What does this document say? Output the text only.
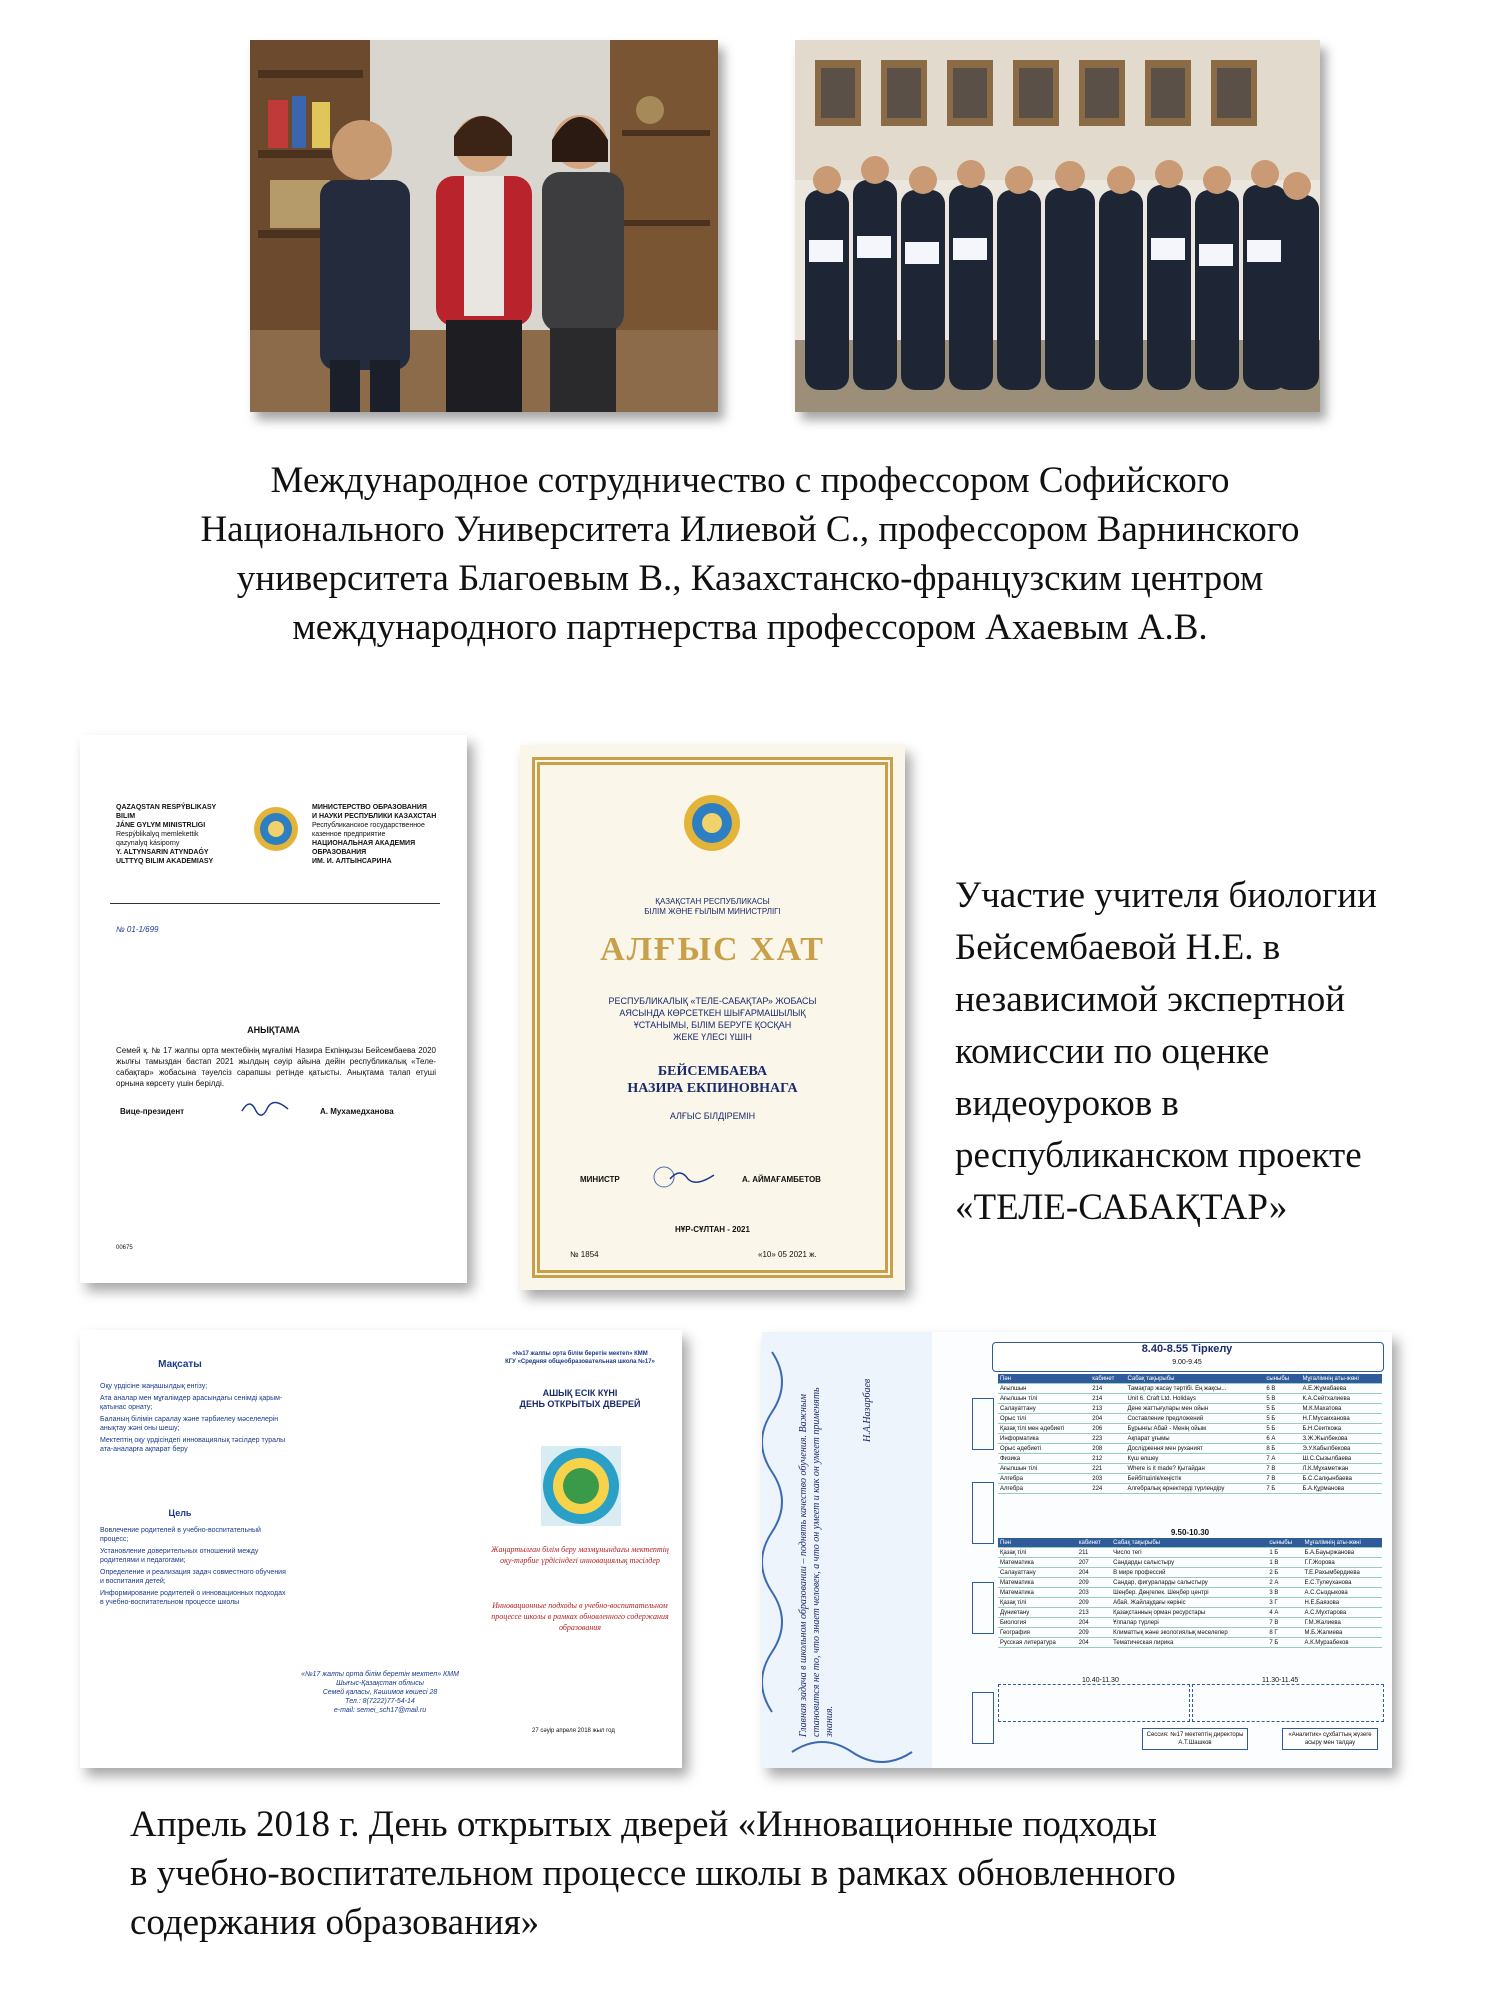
Международное сотрудничество с профессором Софийского
Национального Университета Илиевой С., профессором Варнинского
университета Благоевым В., Казахстанско-французским центром
международного партнерства профессором Ахаевым А.В.
QAZAQSTAN RESPÝBLIKASY BILIM
JÁNE GYLYM MINISTRLIGI
Respýblikalyq memlekettik
qazynalyq kásiporny
Y. ALTYNSARIN ATYNDAǴY
ULTTYQ BILIM AKADEMIASY
МИНИСТЕРСТВО ОБРАЗОВАНИЯ
И НАУКИ РЕСПУБЛИКИ КАЗАХСТАН
Республиканское государственное
казенное предприятие
НАЦИОНАЛЬНАЯ АКАДЕМИЯ
ОБРАЗОВАНИЯ
ИМ. И. АЛТЫНСАРИНА
№ 01-1/699
АНЫҚТАМА
Семей қ. № 17 жалпы орта мектебінің мұғалімі Назира Екпінқызы Бейсембаева 2020 жылғы тамыздан бастап 2021 жылдың сәуір айына дейін республикалық «Теле-сабақтар» жобасына тәуелсіз сарапшы ретінде қатысты. Анықтама талап етуші орнына көрсету үшін берілді.
Вице-президент	А. Мухамедханова
00675
ҚАЗАҚСТАН РЕСПУБЛИКАСЫ
БІЛІМ ЖӘНЕ ҒЫЛЫМ МИНИСТРЛІГІ
АЛҒЫС ХАТ
РЕСПУБЛИКАЛЫҚ «ТЕЛЕ-САБАҚТАР» ЖОБАСЫ
АЯСЫНДА КӨРСЕТКЕН ШЫҒАРМАШЫЛЫҚ
ҰСТАНЫМЫ, БІЛІМ БЕРУГЕ ҚОСҚАН
ЖЕКЕ ҮЛЕСІ ҮШІН
БЕЙСЕМБАЕВА
НАЗИРА ЕКПИНОВНАГА
АЛҒЫС БІЛДІРЕМІН
МИНИСТР	А. АЙМАҒАМБЕТОВ
НҰР-СҰЛТАН - 2021
№ 1854	«10» 05 2021 ж.
Участие учителя биологии
Бейсембаевой Н.Е. в
независимой экспертной
комиссии по оценке
видеоуроков в
республиканском проекте
«ТЕЛЕ-САБАҚТАР»
Мақсаты
Оқу үрдісіне жаңашылдық енгізу;
Ата аналар мен мұғалімдер арасындағы сенімді қарым-қатынас орнату;
Баланың білімін саралау және тәрбиелеу мәселелерін анықтау жәні оны шешу;
Мектептің оқу үрдісіндегі инновациялық тәсілдер туралы ата-аналарға ақпарат беру
Цель
Вовлечение родителей в учебно-воспитательный процесс;
Установление доверительных отношений между родителями и педагогами;
Определение и реализация задач совместного обучения и воспитания детей;
Информирование родителей о инновационных подходах в учебно-воспитательном процессе школы
«№17 жалпы орта білім беретін мектеп» КММ
Шығыс-Қазақстан облысы
Семей қаласы, Кәшимов көшесі 28
Тел.: 8(7222)77-54-14
e-mail: semei_sch17@mail.ru
«№17 жалпы орта білім беретін мектеп» КММ
КГУ «Средняя общеобразовательная школа №17»
АШЫҚ ЕСІК КҮНІ
ДЕНЬ ОТКРЫТЫХ ДВЕРЕЙ
Жаңартылған білім беру мазмұнындағы мектептің оқу-тәрбие үрдісіндегі инновациялық тәсілдер
Инновационные подходы в учебно-воспитательном процессе школы в рамках обновленного содержания образования
27 сәуір апреля 2018 жыл год	Главная задача в школьном образовании – поднять качество обучения. Важным становится не то, что знает человек, а что он умеет и как он умеет применять знания.
Н.А.Назарбаев
8.40-8.55 Тіркелу
9.00-9.45
Пән	кабинет	Сабақ тақырыбы	сыныбы	Мұғалімнің аты-жөні
Ағылшын	214	Тамақтар жасау тәртібі. Ең жақсы...	6 В	А.Е.Жұмабаева
Ағылшын тілі	214	Unit 6. Craft Ltd. Holidays	5 В	К.А.Сейтхалиева
Салауаттану	213	Дене жаттығулары мен ойын	5 Б	М.К.Махатова
Орыс тілі	204	Составление предложений	5 Б	Н.Г.Мусаиханова
Қазақ тілі мен әдебиеті	206	Бұрынғы Абай - Менің ойым	5 Б	Б.Н.Сеиткожа
Информатика	223	Ақпарат ұғымы	6 А	З.Ж.Жылбекова
Орыс әдебиеті	208	Дослідження мен руханият	8 Б	Э.У.Кабылбекова
Физика	212	Күш өлшеу	7 А	Ш.С.Сызылбаева
Ағылшын тілі	221	Where is it made? Қытайдан	7 В	Л.К.Мұхаметжан
Алгебра	203	Бейбітшілік/кеңістік	7 В	Б.С.Салқынбаева
Алгебра	224	Алгебралық өрнектерді түрлендіру	7 Б	Б.А.Құрманова
9.50-10.30
Пән	кабинет	Сабақ тақырыбы	сыныбы	Мұғалімнің аты-жөні
Қазақ тілі	211	Число тегі	1 Б	Б.А.Бауыржанова
Математика	207	Сандарды салыстыру	1 В	Г.Г.Жорова
Салауаттану	204	В мире профессий	2 Б	Т.Е.Рахымбердиева
Математика	209	Сандар, фигураларды салыстыру	2 А	Е.С.Тулеуханова
Математика	203	Шеңбер. Дөңгелек. Шеңбер центрі	3 В	А.С.Сыздыкова
Қазақ тілі	209	Абай. Жайлаудағы көрініс	3 Г	Н.Е.Баязова
Дүниетану	213	Қазақстанның орман ресурстары	4 А	А.С.Мухтарова
Биология	204	Ұлпалар түрлері	7 В	Г.М.Жалиева
География	209	Климаттық және экологиялық мәселелер	8 Г	М.Б.Жалиева
Русская литература	204	Тематическая лирика	7 Б	А.К.Мурзабеков
10.40-11.30	11.30-11.45
Сессия: №17 мектептің директоры А.Т.Шашков
«Аналитик» сұхбаттың жүзеге асыру мен талдау
Апрель 2018 г. День открытых дверей «Инновационные подходы
в учебно-воспитательном процессе школы в рамках обновленного
содержания образования»
